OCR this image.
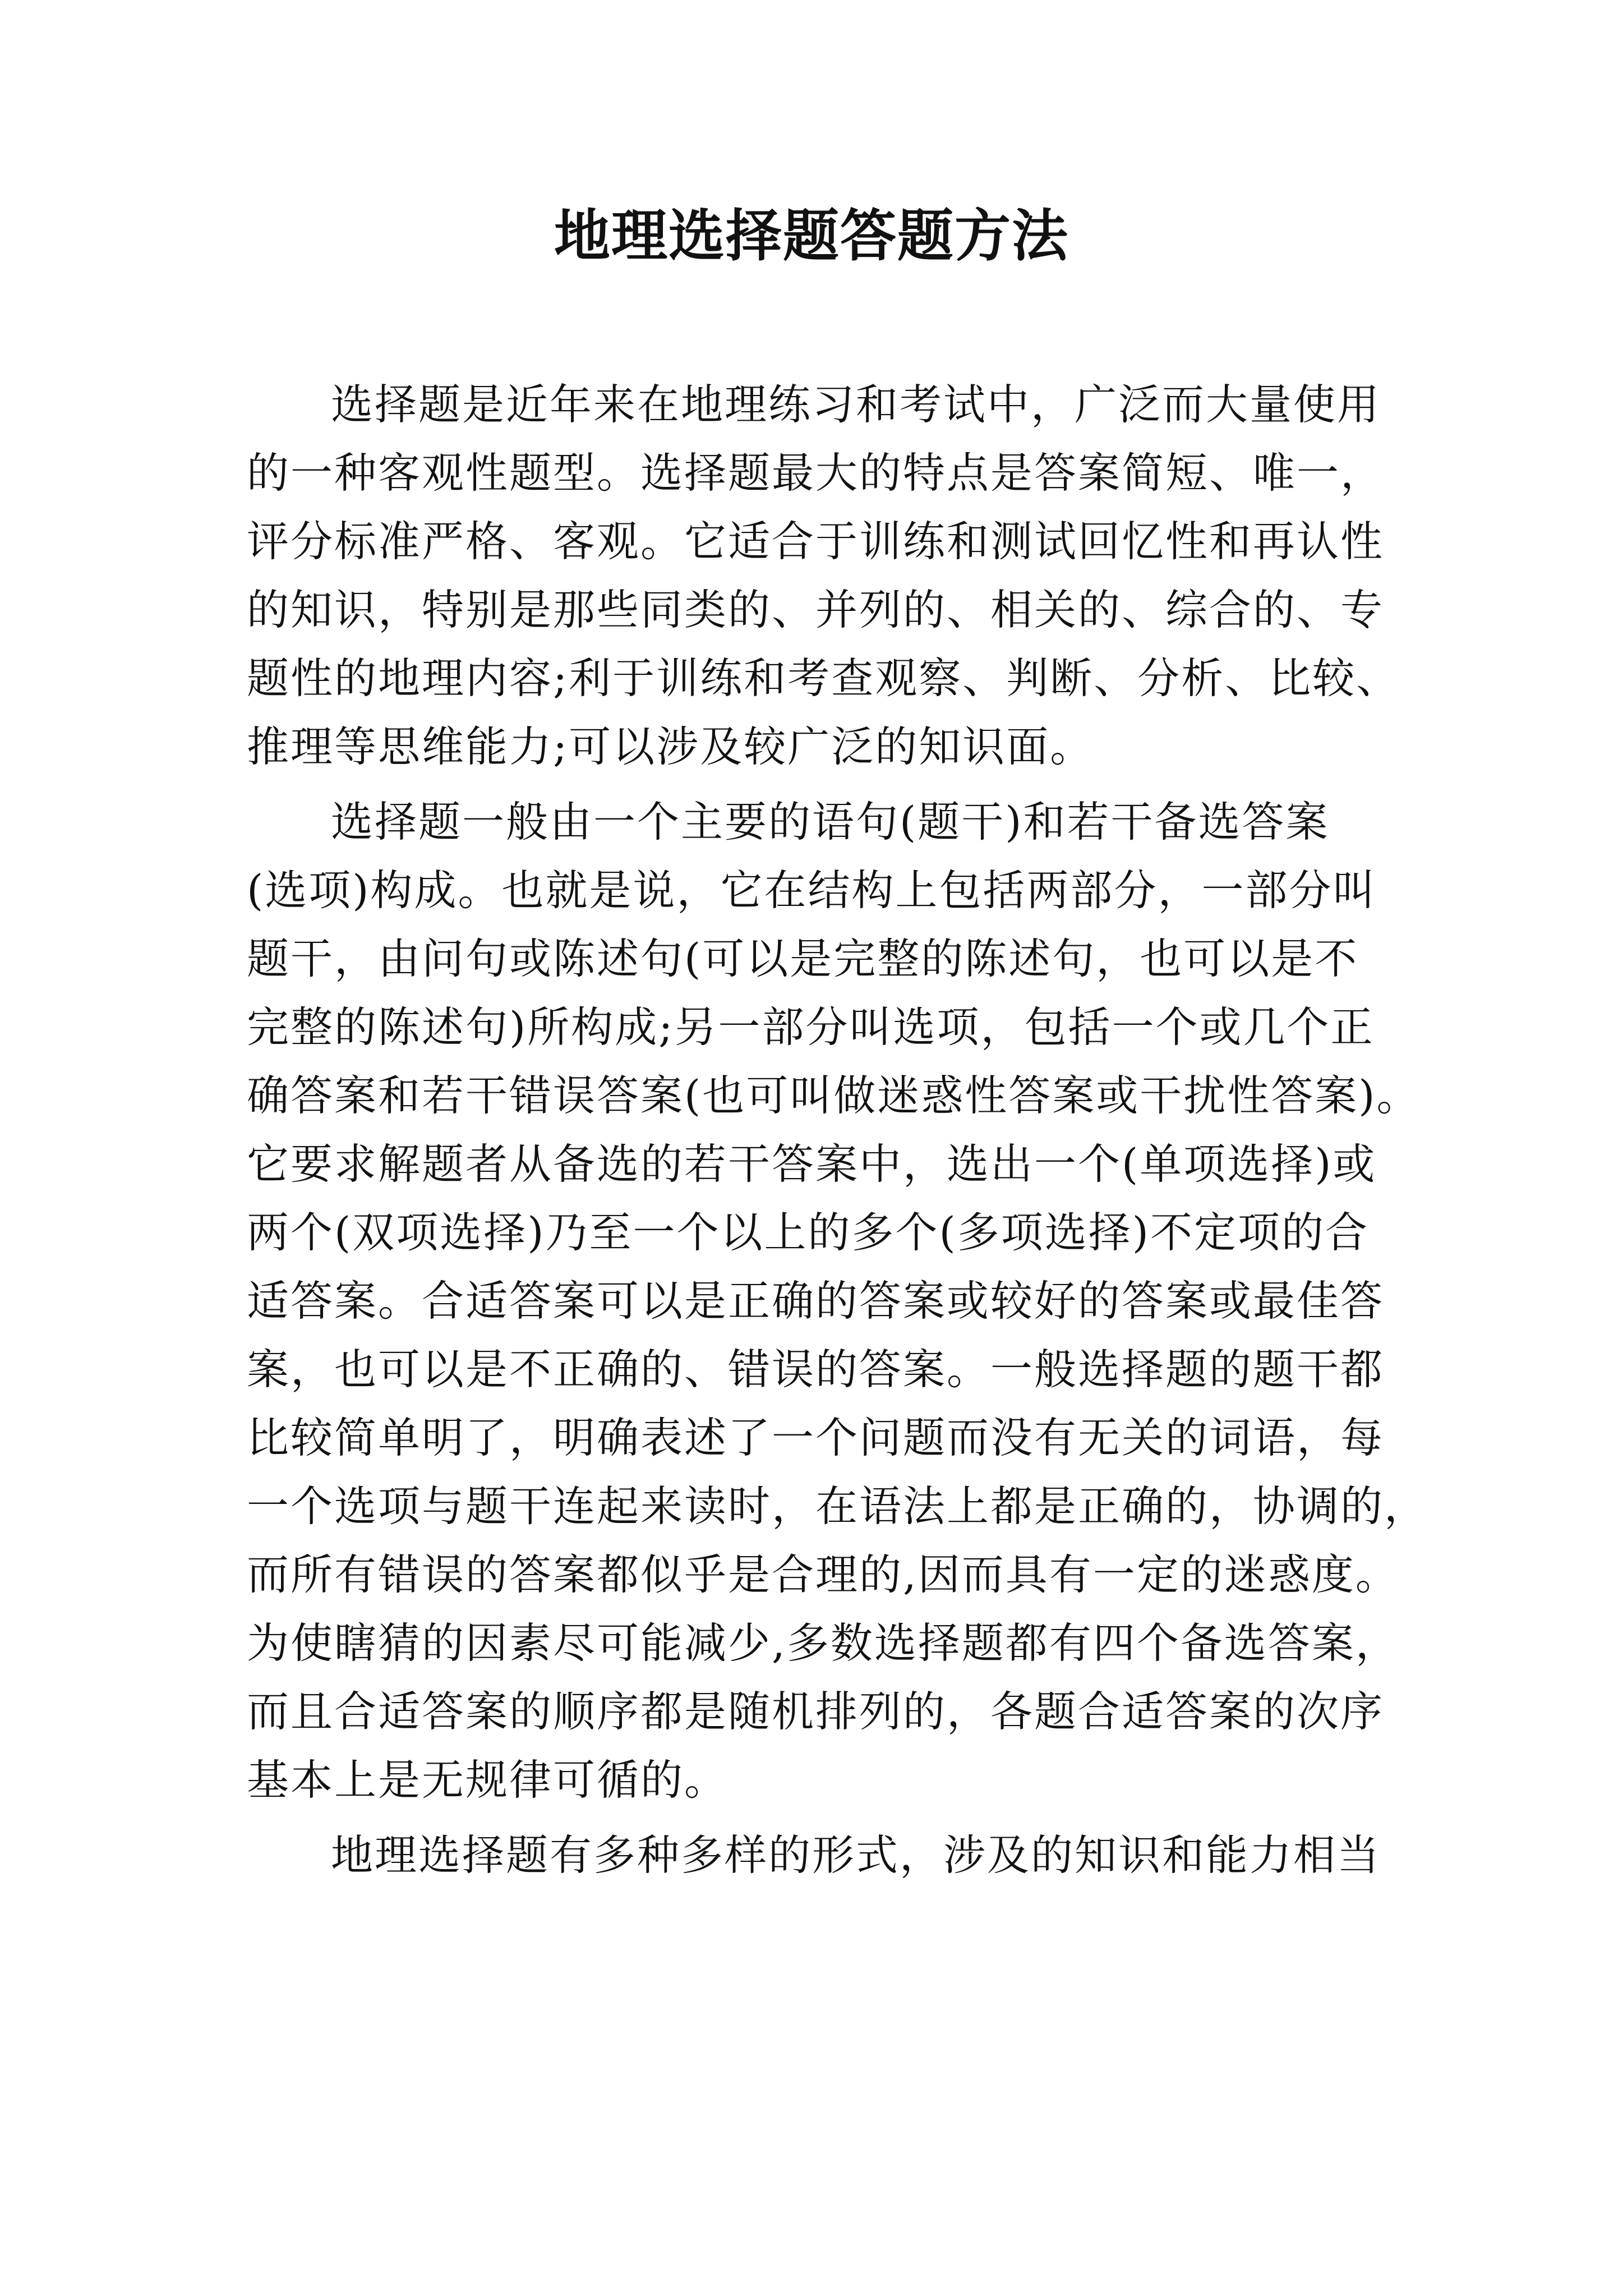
地理选择题答题方法
选择题是近年来在地理练习和考试中，广泛而大量使用
的一种客观性题型。选择题最大的特点是答案简短、唯一，
评分标准严格、客观。它适合于训练和测试回忆性和再认性
的知识，特别是那些同类的、并列的、相关的、综合的、专
题性的地理内容;利于训练和考查观察、判断、分析、比较、
推理等思维能力;可以涉及较广泛的知识面。
选择题一般由一个主要的语句(题干)和若干备选答案
(选项)构成。也就是说，它在结构上包括两部分，一部分叫
题干，由问句或陈述句(可以是完整的陈述句，也可以是不
完整的陈述句)所构成;另一部分叫选项，包括一个或几个正
确答案和若干错误答案(也可叫做迷惑性答案或干扰性答案)。
它要求解题者从备选的若干答案中，选出一个(单项选择)或
两个(双项选择)乃至一个以上的多个(多项选择)不定项的合
适答案。合适答案可以是正确的答案或较好的答案或最佳答
案，也可以是不正确的、错误的答案。一般选择题的题干都
比较简单明了，明确表述了一个问题而没有无关的词语，每
一个选项与题干连起来读时，在语法上都是正确的，协调的，
而所有错误的答案都似乎是合理的,因而具有一定的迷惑度。
为使瞎猜的因素尽可能减少,多数选择题都有四个备选答案，
而且合适答案的顺序都是随机排列的，各题合适答案的次序
基本上是无规律可循的。
地理选择题有多种多样的形式，涉及的知识和能力相当
